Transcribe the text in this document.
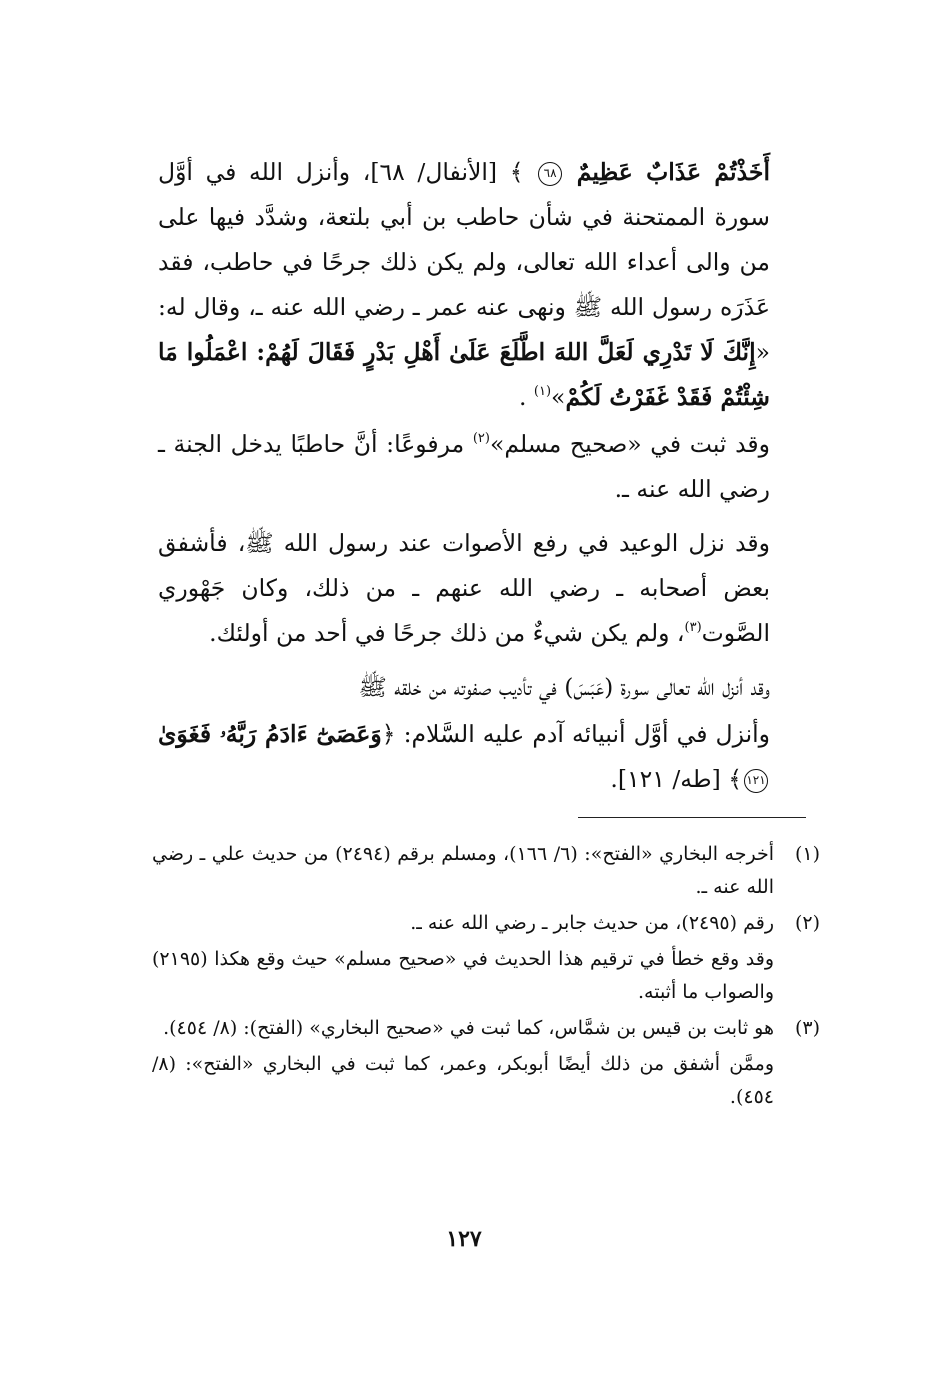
أَخَذْتُمْ عَذَابٌ عَظِيمٌ ٦٨ ﴾ [الأنفال/ ٦٨]، وأنزل الله في أوَّل سورة الممتحنة في شأن حاطب بن أبي بلتعة، وشدَّد فيها على من والى أعداء الله تعالى، ولم يكن ذلك جرحًا في حاطب، فقد عَذَرَه رسول الله ﷺ ونهى عنه عمر ـ رضي الله عنه ـ، وقال له: «إِنَّكَ لَا تَدْرِي لَعَلَّ اللهَ اطَّلَعَ عَلَىٰ أَهْلِ بَدْرٍ فَقَالَ لَهُمْ: اعْمَلُوا مَا شِئْتُمْ فَقَدْ غَفَرْتُ لَكُمْ»$^{(١)}$ .

وقد ثبت في «صحيح مسلم»$^{(٢)}$ مرفوعًا: أنَّ حاطبًا يدخل الجنة ـ رضي الله عنه ـ.

وقد نزل الوعيد في رفع الأصوات عند رسول الله ﷺ، فأشفق بعض أصحابه ـ رضي الله عنهم ـ من ذلك، وكان جَهْوري الصَّوت$^{(٣)}$، ولم يكن شيءٌ من ذلك جرحًا في أحد من أولئك.

وقد أنزل الله تعالى سورة (عَبَسَ) في تأديب صفوته من خلقه ﷺ

وأنزل في أوَّل أنبيائه آدم عليه السَّلام: ﴿وَعَصَىٰٓ ءَادَمُ رَبَّهُۥ فَغَوَىٰ١٢١﴾ [طه/ ١٢١].

(١)
أخرجه البخاري «الفتح»: (٦/ ١٦٦)، ومسلم برقم (٢٤٩٤) من حديث علي ـ رضي الله عنه ـ.
(٢)
رقم (٢٤٩٥)، من حديث جابر ـ رضي الله عنه ـ.

وقد وقع خطأ في ترقيم هذا الحديث في «صحيح مسلم» حيث وقع هكذا (٢١٩٥) والصواب ما أثبته.

(٣)
هو ثابت بن قيس بن شمَّاس، كما ثبت في «صحيح البخاري» (الفتح): (٨/ ٤٥٤).

وممَّن أشفق من ذلك أيضًا أبوبكر، وعمر، كما ثبت في البخاري «الفتح»: (٨/ ٤٥٤).

١٢٧
